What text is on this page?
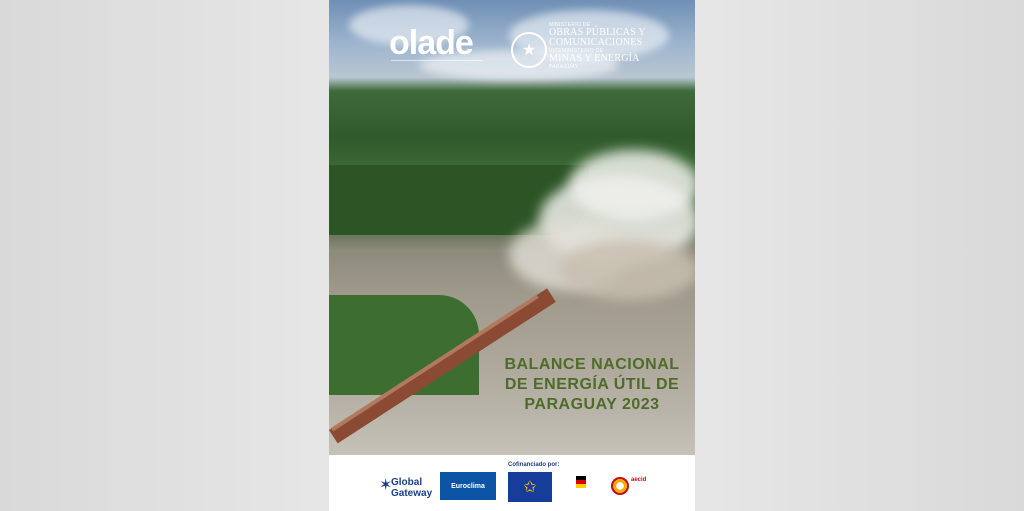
olade	★
MINISTERIO DE
OBRAS PÚBLICAS Y
COMUNICACIONES
VICEMINISTERIO DE
MINAS Y ENERGÍA
PARAGUAY
BALANCE NACIONAL
DE ENERGÍA ÚTIL DE
PARAGUAY 2023
Cofinanciado por:
✶
Global
Gateway
Euroclima	✩	aecid
